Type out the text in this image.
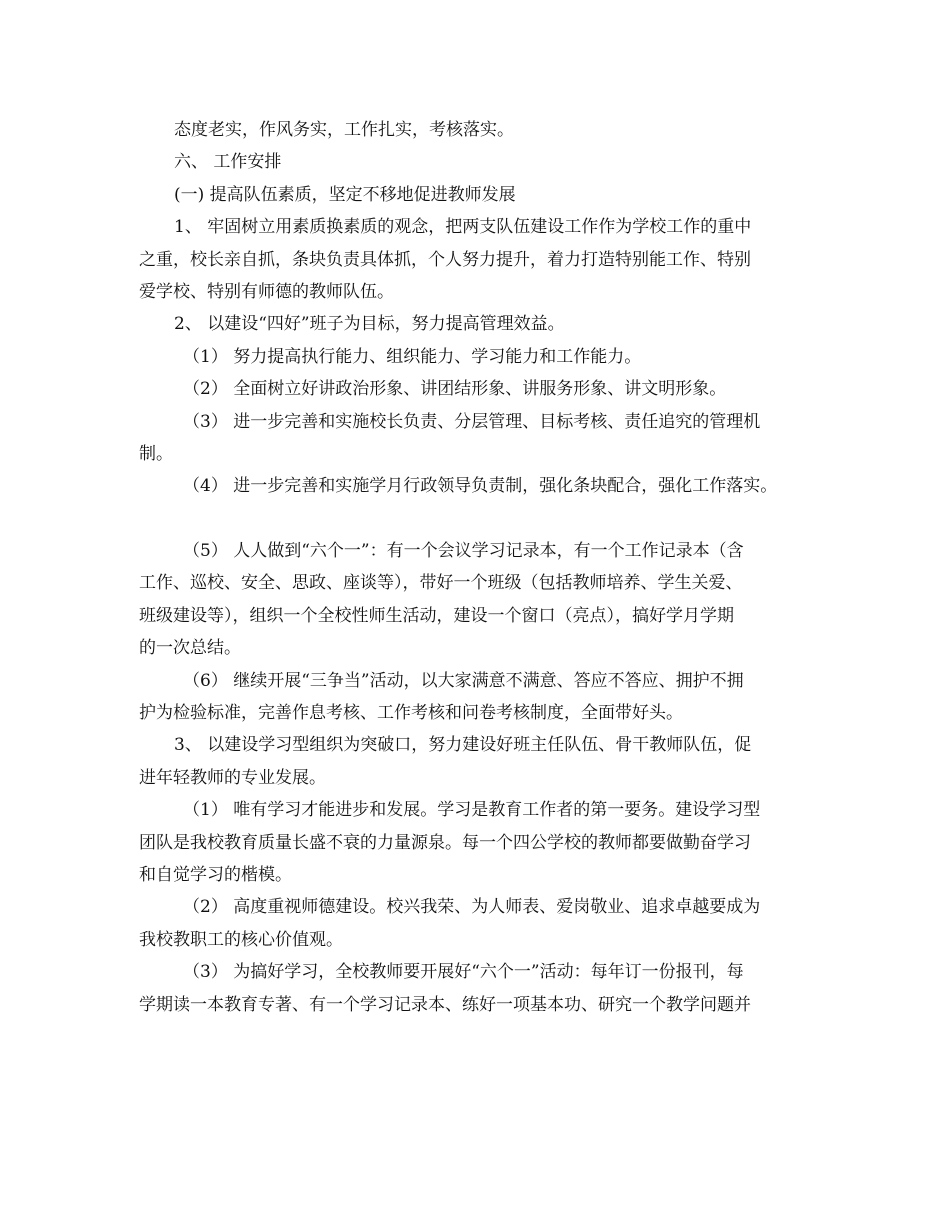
态度老实，作风务实，工作扎实，考核落实。
六、 工作安排
(一) 提高队伍素质，坚定不移地促进教师发展
1、 牢固树立用素质换素质的观念，把两支队伍建设工作作为学校工作的重中
之重，校长亲自抓，条块负责具体抓，个人努力提升，着力打造特别能工作、特别
爱学校、特别有师德的教师队伍。
2、 以建设“四好”班子为目标，努力提高管理效益。
（1） 努力提高执行能力、组织能力、学习能力和工作能力。
（2） 全面树立好讲政治形象、讲团结形象、讲服务形象、讲文明形象。
（3） 进一步完善和实施校长负责、分层管理、目标考核、责任追究的管理机
制。
（4） 进一步完善和实施学月行政领导负责制，强化条块配合，强化工作落实。
（5） 人人做到“六个一”：有一个会议学习记录本，有一个工作记录本（含
工作、巡校、安全、思政、座谈等），带好一个班级（包括教师培养、学生关爱、
班级建设等），组织一个全校性师生活动，建设一个窗口（亮点），搞好学月学期
的一次总结。
（6） 继续开展“三争当”活动，以大家满意不满意、答应不答应、拥护不拥
护为检验标准，完善作息考核、工作考核和问卷考核制度，全面带好头。
3、 以建设学习型组织为突破口，努力建设好班主任队伍、骨干教师队伍，促
进年轻教师的专业发展。
（1） 唯有学习才能进步和发展。学习是教育工作者的第一要务。建设学习型
团队是我校教育质量长盛不衰的力量源泉。每一个四公学校的教师都要做勤奋学习
和自觉学习的楷模。
（2） 高度重视师德建设。校兴我荣、为人师表、爱岗敬业、追求卓越要成为
我校教职工的核心价值观。
（3） 为搞好学习，全校教师要开展好“六个一”活动：每年订一份报刊，每
学期读一本教育专著、有一个学习记录本、练好一项基本功、研究一个教学问题并
